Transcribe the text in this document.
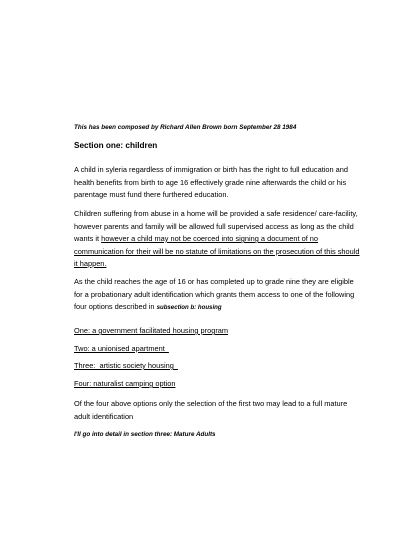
This has been composed by Richard Allen Brown born September 28 1984
Section one: children

A child in syleria regardless of immigration or birth has the right to full education and health benefits from birth to age 16 effectively grade nine afterwards the child or his parentage must fund there furthered education.

Children suffering from abuse in a home will be provided a safe residence/ care-facility, however parents and family will be allowed full supervised access as long as the child wants it however a child may not be coerced into signing a document of no communication for their will be no statute of limitations on the prosecution of this should it happen.

As the child reaches the age of 16 or has completed up to grade nine they are eligible for a probationary adult identification which grants them access to one of the following four options described in subsection b: housing

One: a government facilitated housing program
Two: a unionised apartment
Three:  artistic society housing
Four: naturalist camping option

Of the four above options only the selection of the first two may lead to a full mature adult identification

I'll go into detail in section three: Mature Adults
